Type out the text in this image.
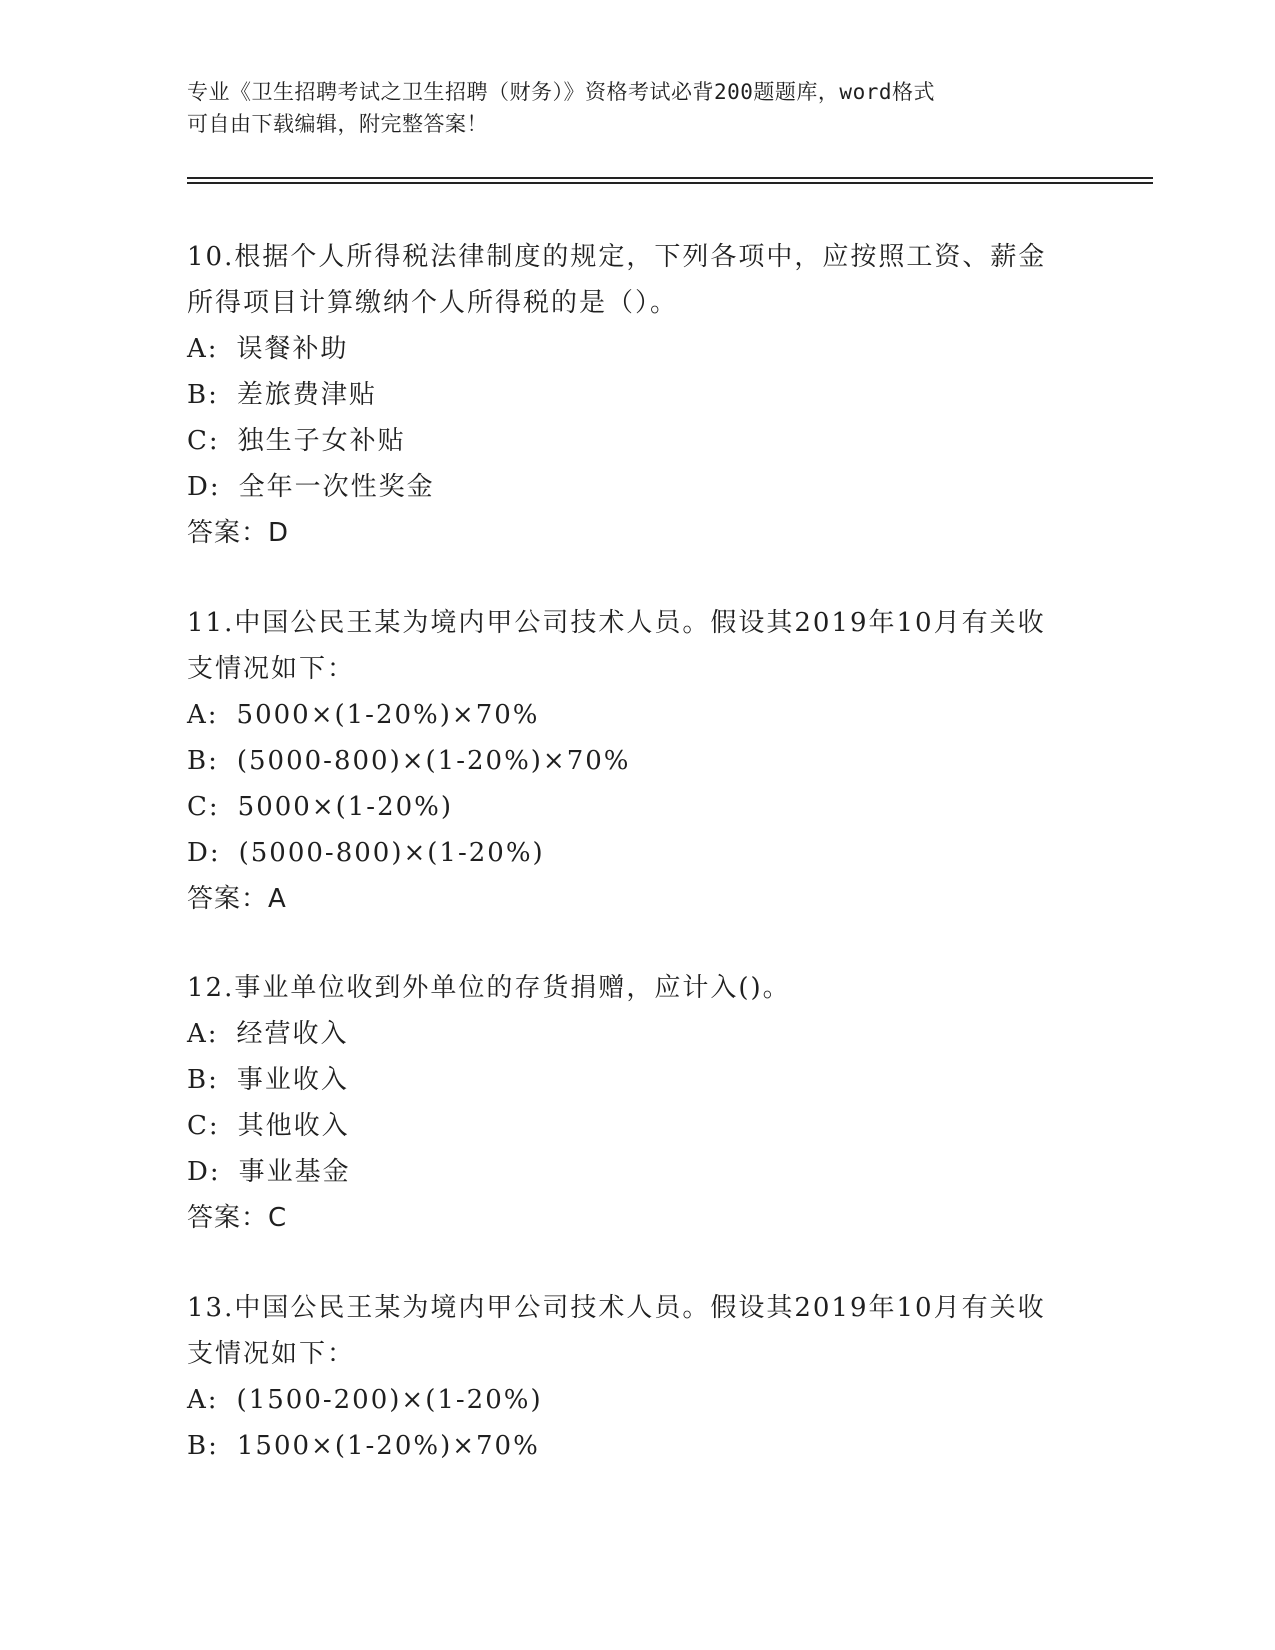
专业《卫生招聘考试之卫生招聘（财务）》资格考试必背200题题库，word格式
可自由下载编辑，附完整答案！

10.根据个人所得税法律制度的规定，下列各项中，应按照工资、薪金

所得项目计算缴纳个人所得税的是（）。

A: 误餐补助

B: 差旅费津贴

C: 独生子女补贴

D: 全年一次性奖金

答案：D

11.中国公民王某为境内甲公司技术人员。假设其2019年10月有关收

支情况如下：

A: 5000×(1-20%)×70%

B: (5000-800)×(1-20%)×70%

C: 5000×(1-20%)

D: (5000-800)×(1-20%)

答案：A

12.事业单位收到外单位的存货捐赠，应计入()。

A: 经营收入

B: 事业收入

C: 其他收入

D: 事业基金

答案：C

13.中国公民王某为境内甲公司技术人员。假设其2019年10月有关收

支情况如下：

A: (1500-200)×(1-20%)

B: 1500×(1-20%)×70%
